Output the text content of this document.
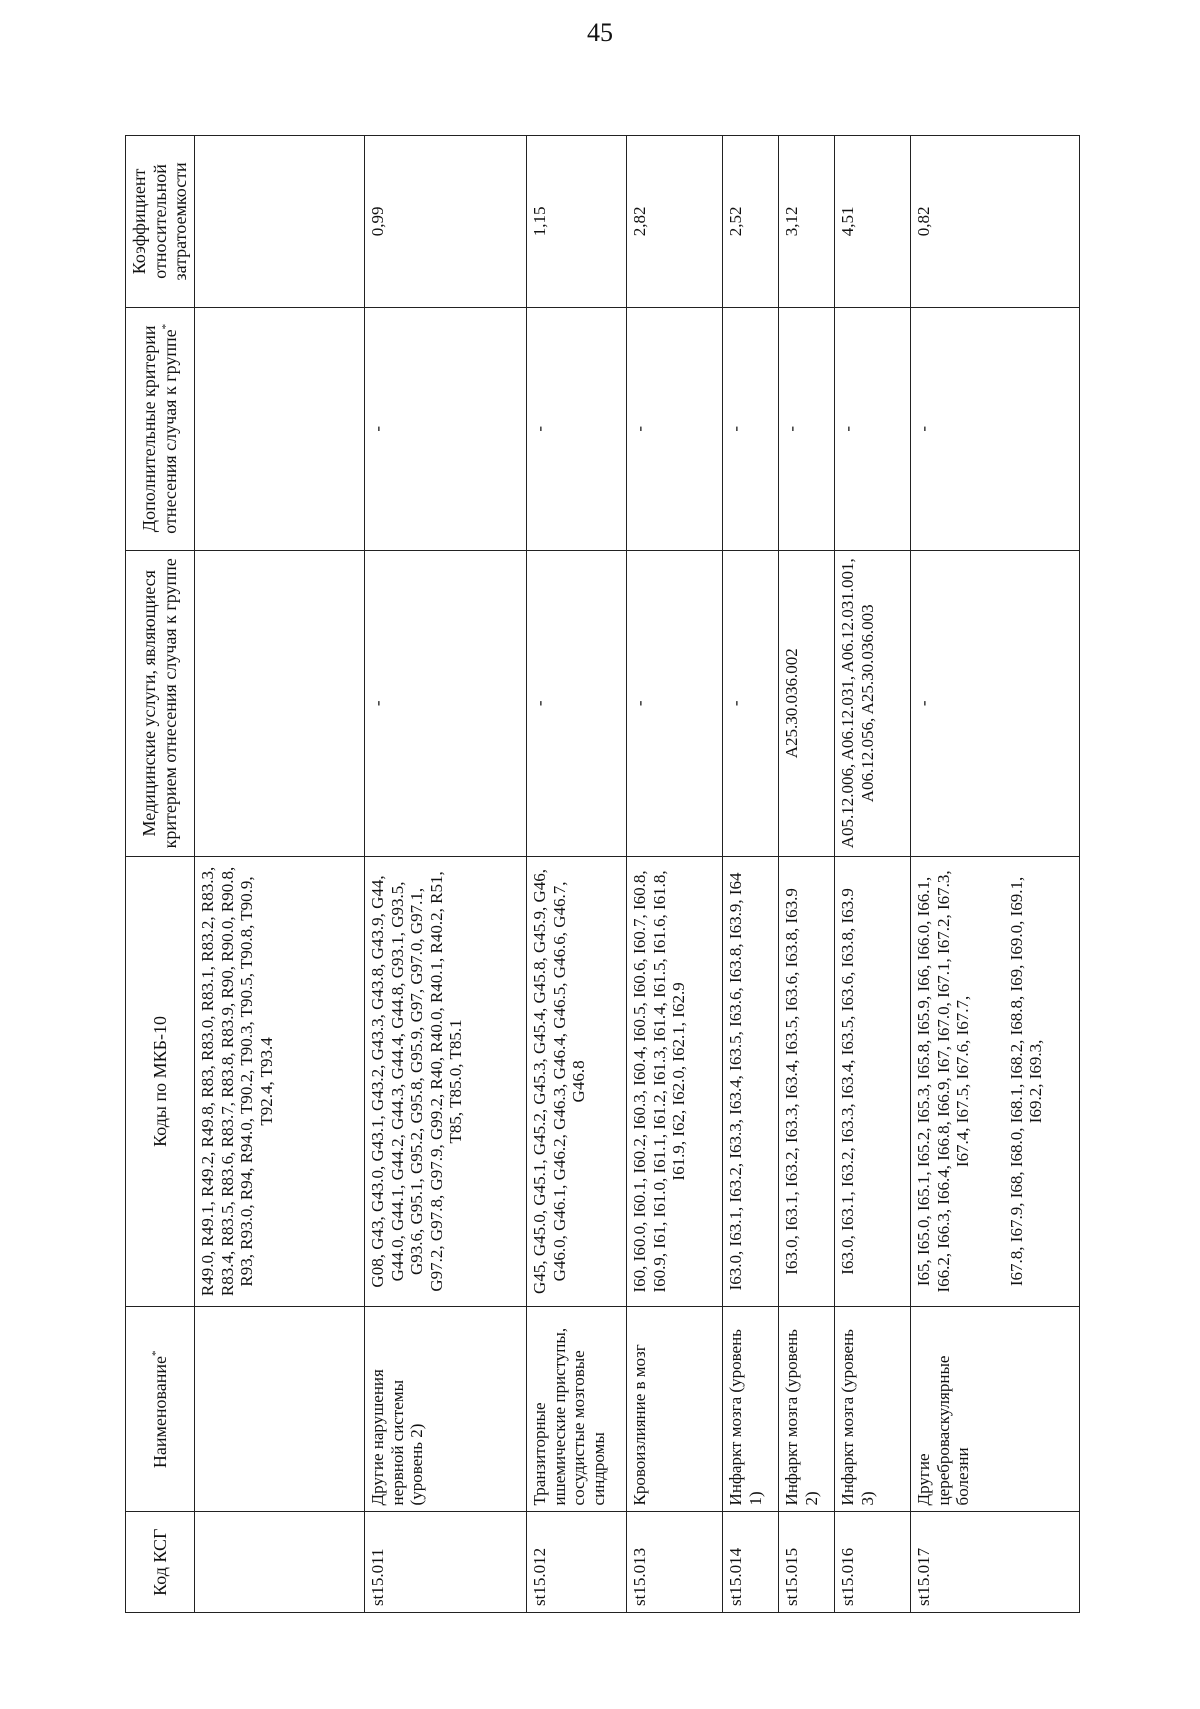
45
Код КСГ	Наименование*	Коды по МКБ-10	Медицинские услуги, являющиеся критерием отнесения случая к группе	Дополнительные критерии отнесения случая к группе*	Коэффициент относительной затратоемкости
		R49.0, R49.1, R49.2, R49.8, R83, R83.0, R83.1, R83.2, R83.3, R83.4, R83.5, R83.6, R83.7, R83.8, R83.9, R90, R90.0, R90.8, R93, R93.0, R94, R94.0, T90.2, T90.3, T90.5, T90.8, T90.9, T92.4, T93.4			
st15.011	Другие нарушения нервной системы (уровень 2)	G08, G43, G43.0, G43.1, G43.2, G43.3, G43.8, G43.9, G44, G44.0, G44.1, G44.2, G44.3, G44.4, G44.8, G93.1, G93.5, G93.6, G95.1, G95.2, G95.8, G95.9, G97, G97.0, G97.1, G97.2, G97.8, G97.9, G99.2, R40, R40.0, R40.1, R40.2, R51, T85, T85.0, T85.1	-	-	0,99
st15.012	Транзиторные ишемические приступы, сосудистые мозговые синдромы	G45, G45.0, G45.1, G45.2, G45.3, G45.4, G45.8, G45.9, G46, G46.0, G46.1, G46.2, G46.3, G46.4, G46.5, G46.6, G46.7, G46.8	-	-	1,15
st15.013	Кровоизлияние в мозг	I60, I60.0, I60.1, I60.2, I60.3, I60.4, I60.5, I60.6, I60.7, I60.8, I60.9, I61, I61.0, I61.1, I61.2, I61.3, I61.4, I61.5, I61.6, I61.8, I61.9, I62, I62.0, I62.1, I62.9	-	-	2,82
st15.014	Инфаркт мозга (уровень 1)	I63.0, I63.1, I63.2, I63.3, I63.4, I63.5, I63.6, I63.8, I63.9, I64	-	-	2,52
st15.015	Инфаркт мозга (уровень 2)	I63.0, I63.1, I63.2, I63.3, I63.4, I63.5, I63.6, I63.8, I63.9	A25.30.036.002	-	3,12
st15.016	Инфаркт мозга (уровень 3)	I63.0, I63.1, I63.2, I63.3, I63.4, I63.5, I63.6, I63.8, I63.9	A05.12.006, A06.12.031, A06.12.031.001, A06.12.056, A25.30.036.003	-	4,51
st15.017	Другие цереброваскулярные болезни	I65, I65.0, I65.1, I65.2, I65.3, I65.8, I65.9, I66, I66.0, I66.1, I66.2, I66.3, I66.4, I66.8, I66.9, I67, I67.0, I67.1, I67.2, I67.3, I67.4, I67.5, I67.6, I67.7, I67.8, I67.9, I68, I68.0, I68.1, I68.2, I68.8, I69, I69.0, I69.1, I69.2, I69.3,	-	-	0,82
